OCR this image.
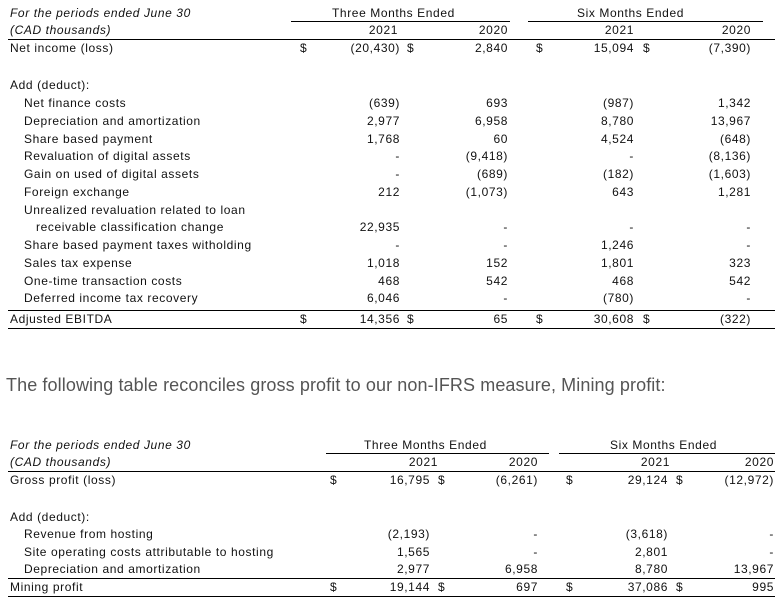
For the periods ended June 30	Three Months Ended	Six Months Ended
(CAD thousands)	2021	2020	2021	2020
Net income (loss)	$	(20,430) $	2,840 $	15,094 $	(7,390)
Add (deduct):
Net finance costs	(639)	693	(987)	1,342
Depreciation and amortization	2,977	6,958	8,780	13,967
Share based payment	1,768	60	4,524	(648)
Revaluation of digital assets	-	(9,418)	-	(8,136)
Gain on used of digital assets	-	(689)	(182)	(1,603)
Foreign exchange	212	(1,073)	643	1,281
Unrealized revaluation related to loan
receivable classification change	22,935	-	-	-
Share based payment taxes witholding	-	-	1,246	-
Sales tax expense	1,018	152	1,801	323
One-time transaction costs	468	542	468	542
Deferred income tax recovery	6,046	-	(780)	-
Adjusted EBITDA	$	14,356 $	65 $	30,608 $	(322)
The following table reconciles gross profit to our non-IFRS measure, Mining profit:
For the periods ended June 30	Three Months Ended	Six Months Ended
(CAD thousands)	2021	2020	2021	2020
Gross profit (loss)	$	16,795 $	(6,261) $	29,124 $	(12,972)
Add (deduct):
Revenue from hosting	(2,193)	-	(3,618)	-
Site operating costs attributable to hosting	1,565	-	2,801	-
Depreciation and amortization	2,977	6,958	8,780	13,967
Mining profit	$	19,144 $	697 $	37,086 $	995
